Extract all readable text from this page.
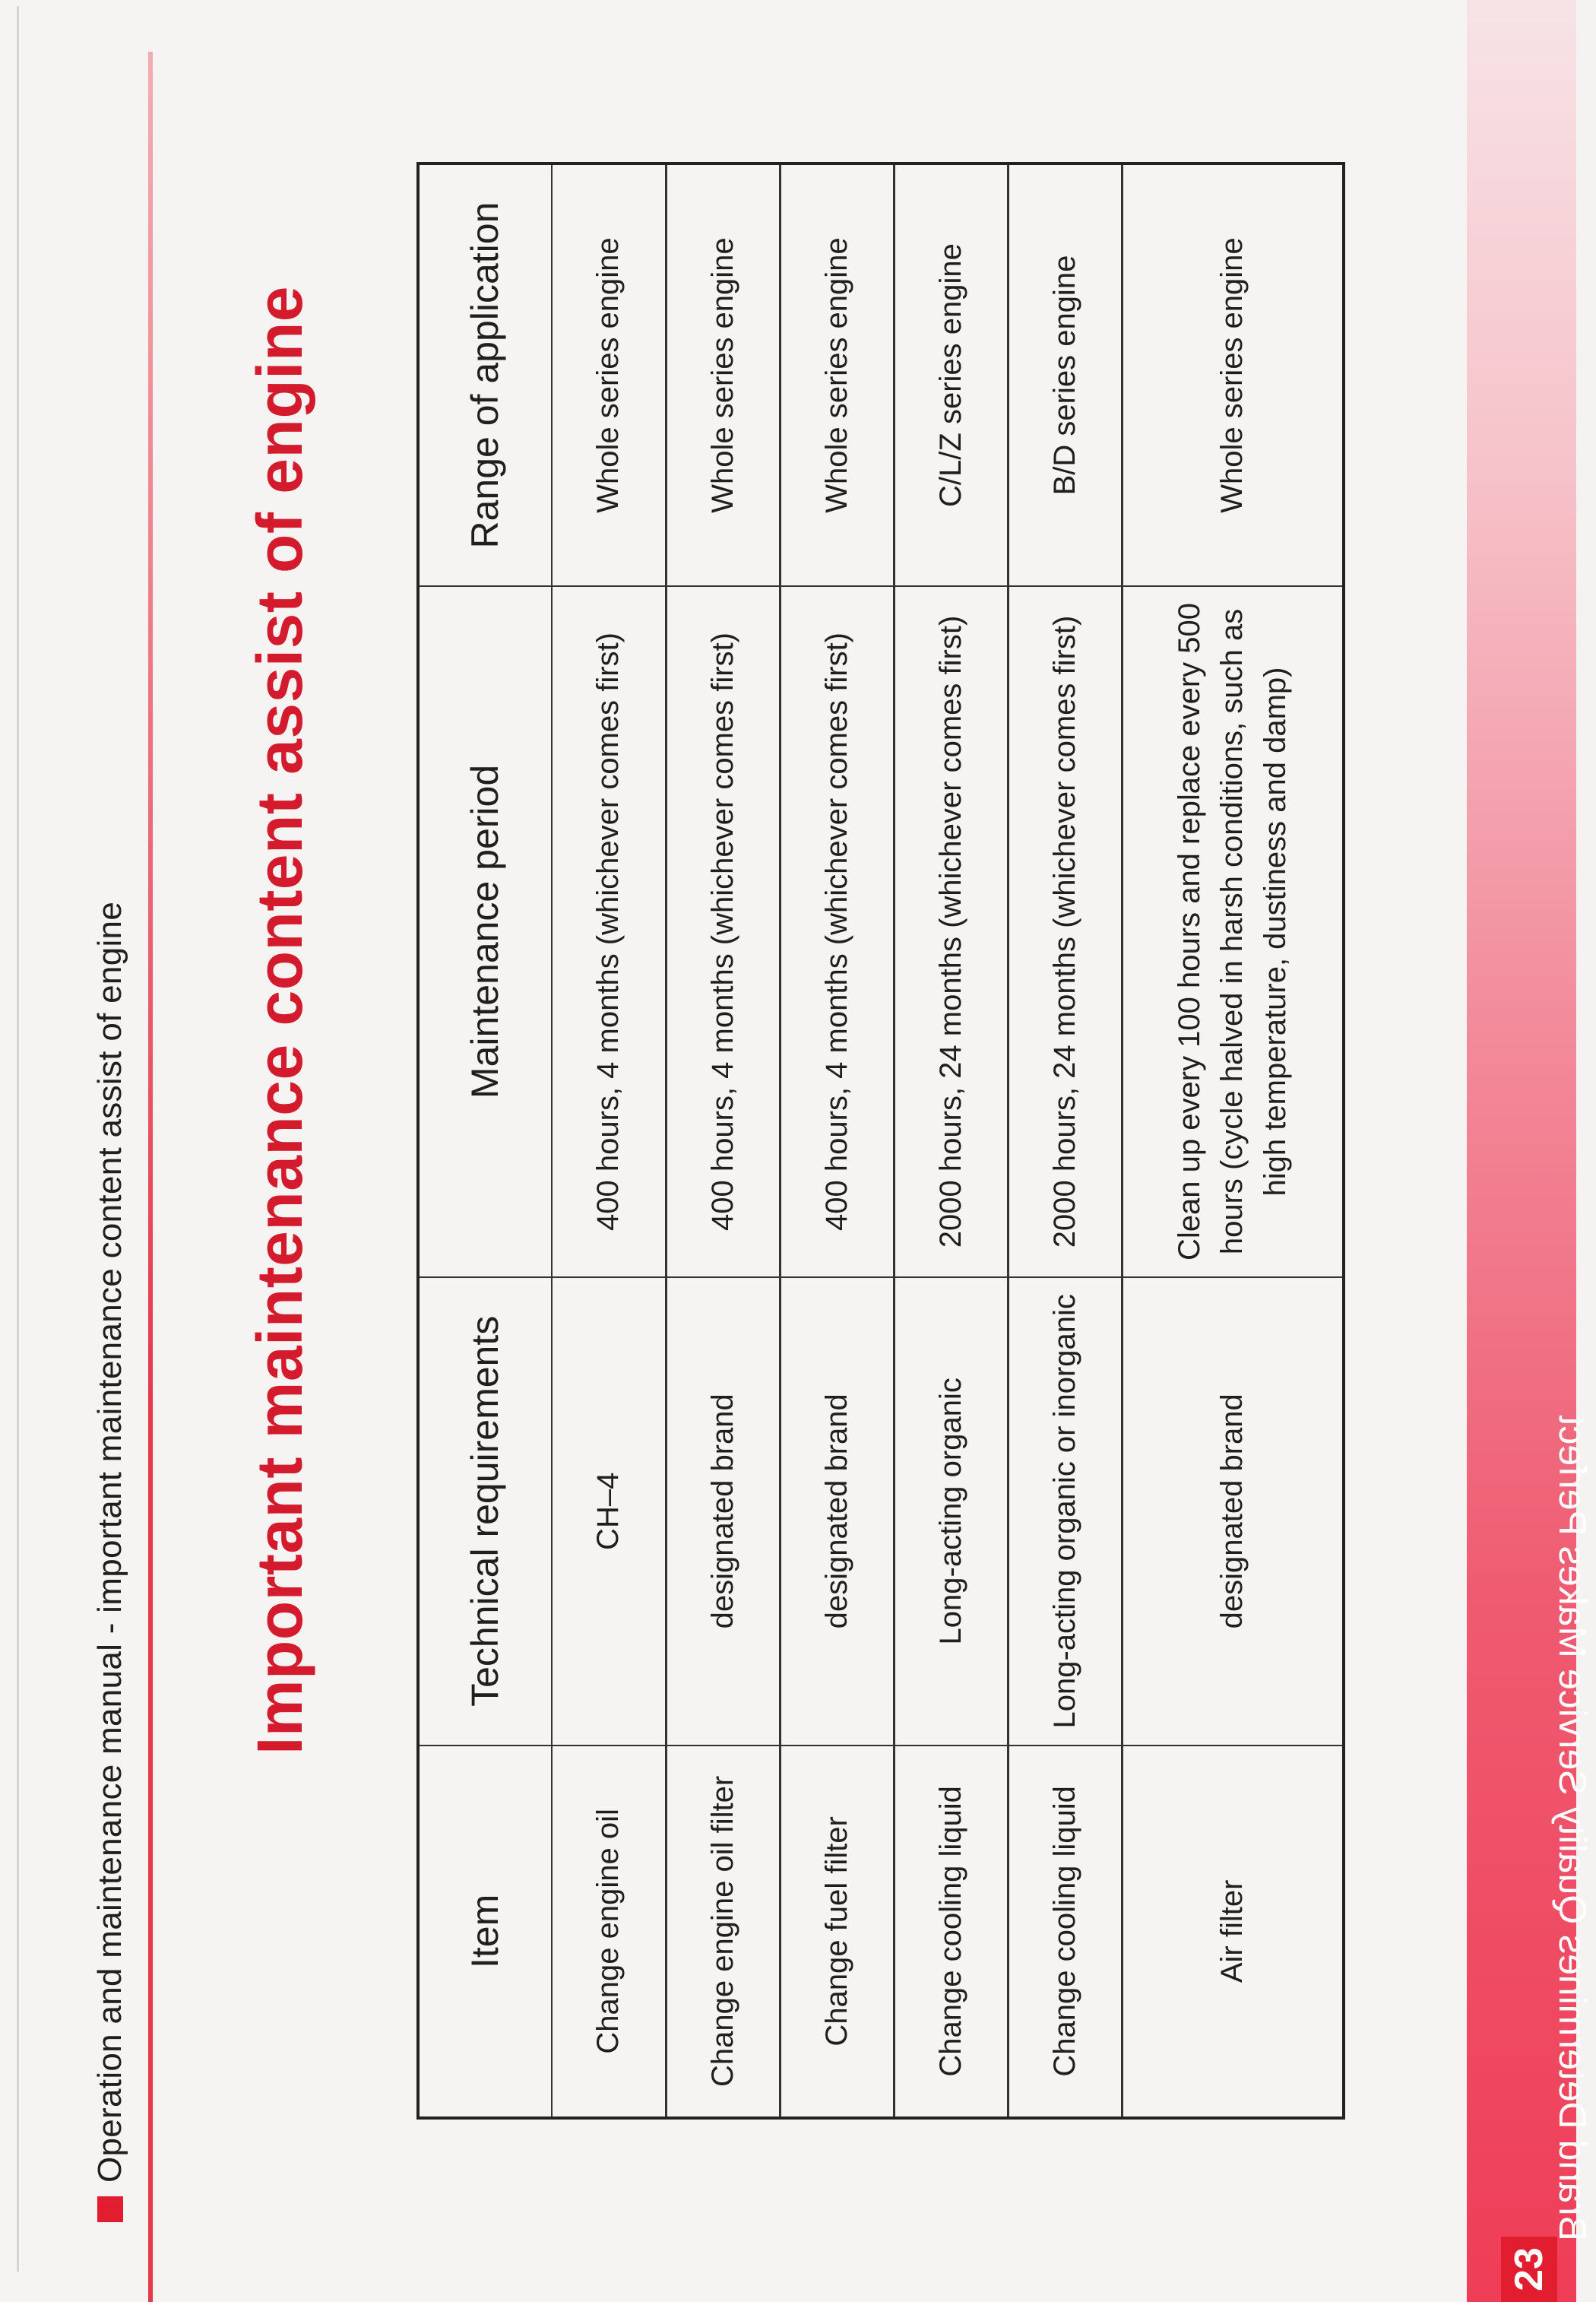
Operation and maintenance manual - important maintenance content assist of engine Important maintenance content assist of engine
Item	Technical requirements	Maintenance period	Range of application
Change engine oil	CH–4	400 hours, 4 months (whichever comes first)	Whole series engine
Change engine oil filter	designated brand	400 hours, 4 months (whichever comes first)	Whole series engine
Change fuel filter	designated brand	400 hours, 4 months (whichever comes first)	Whole series engine
Change cooling liquid	Long-acting organic	2000 hours, 24 months (whichever comes first)	C/L/Z series engine
Change cooling liquid	Long-acting organic or inorganic	2000 hours, 24 months (whichever comes first)	B/D series engine
Air filter	designated brand	Clean up every 100 hours and replace every 500 hours (cycle halved in harsh conditions, such as high temperature, dustiness and damp)	Whole series engine
23
Brand Determines Quality Service Makes Perfect
